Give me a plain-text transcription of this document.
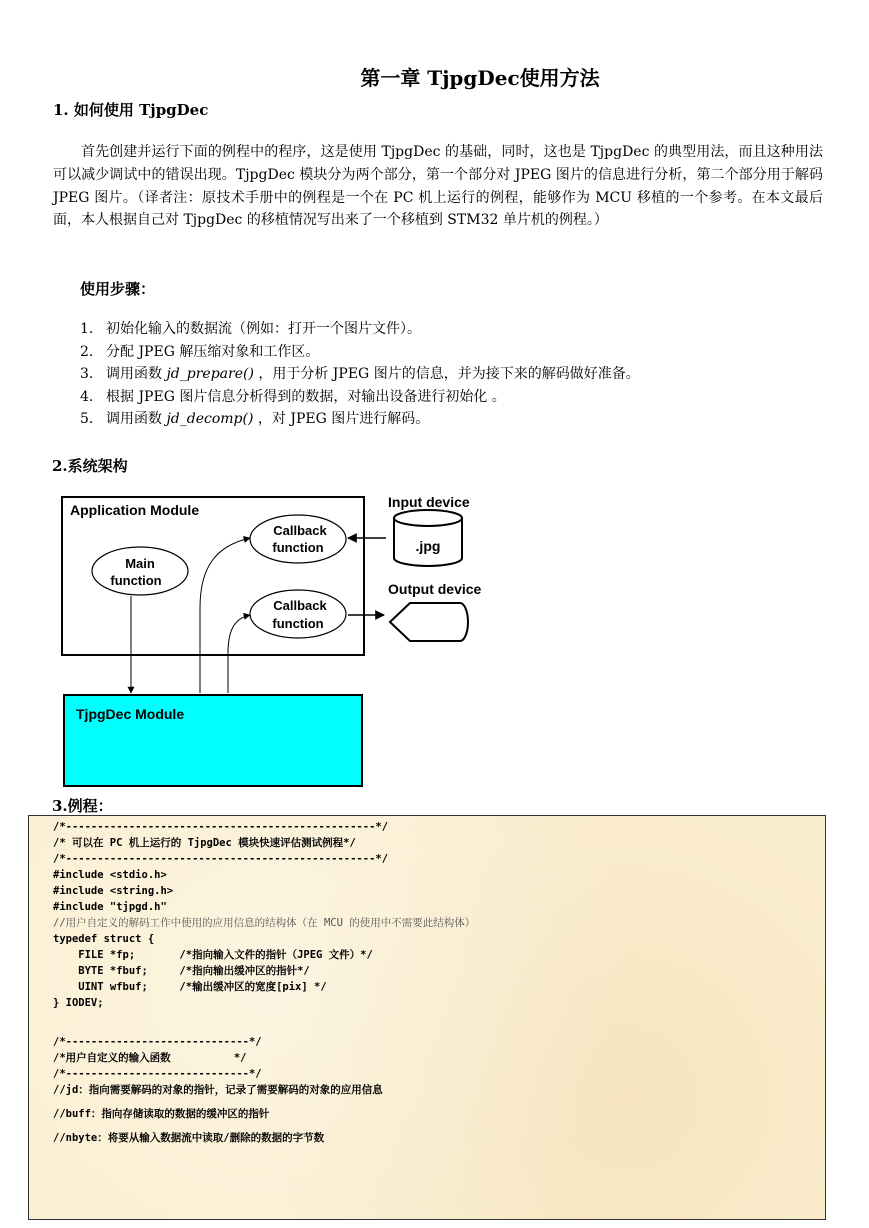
第一章 TjpgDec使用方法
1. 如何使用 TjpgDec
首先创建并运行下面的例程中的程序，这是使用 TjpgDec 的基础，同时，这也是 TjpgDec 的典型用法，而且这种用法可以减少调试中的错误出现。TjpgDec 模块分为两个部分，第一个部分对 JPEG 图片的信息进行分析，第二个部分用于解码 JPEG 图片。（译者注：原技术手册中的例程是一个在 PC 机上运行的例程，能够作为 MCU 移植的一个参考。在本文最后面，本人根据自己对 TjpgDec 的移植情况写出来了一个移植到 STM32 单片机的例程。）
使用步骤：
1. 初始化输入的数据流（例如：打开一个图片文件）。
2. 分配 JPEG 解压缩对象和工作区。
3. 调用函数 jd_prepare() ，用于分析 JPEG 图片的信息，并为接下来的解码做好准备。
4. 根据 JPEG 图片信息分析得到的数据，对输出设备进行初始化 。
5. 调用函数 jd_decomp() ，对 JPEG 图片进行解码。
2.系统架构
Application Module
Main
function
Callback
function
Callback
function
Input device
.jpg
Output device
TjpgDec Module
3.例程：
/*-------------------------------------------------*/
/* 可以在 PC 机上运行的 TjpgDec 模块快速评估测试例程*/
/*-------------------------------------------------*/
#include <stdio.h>
#include <string.h>
#include "tjpgd.h"
//用户自定义的解码工作中使用的应用信息的结构体（在 MCU 的使用中不需要此结构体）
typedef struct {
FILE *fp;       /*指向输入文件的指针（JPEG 文件）*/
BYTE *fbuf;     /*指向输出缓冲区的指针*/
UINT wfbuf;     /*输出缓冲区的宽度[pix] */
} IODEV;
/*-----------------------------*/
/*用户自定义的输入函数          */
/*-----------------------------*/
//jd：指向需要解码的对象的指针，记录了需要解码的对象的应用信息
//buff：指向存储读取的数据的缓冲区的指针
//nbyte：将要从输入数据流中读取/删除的数据的字节数
